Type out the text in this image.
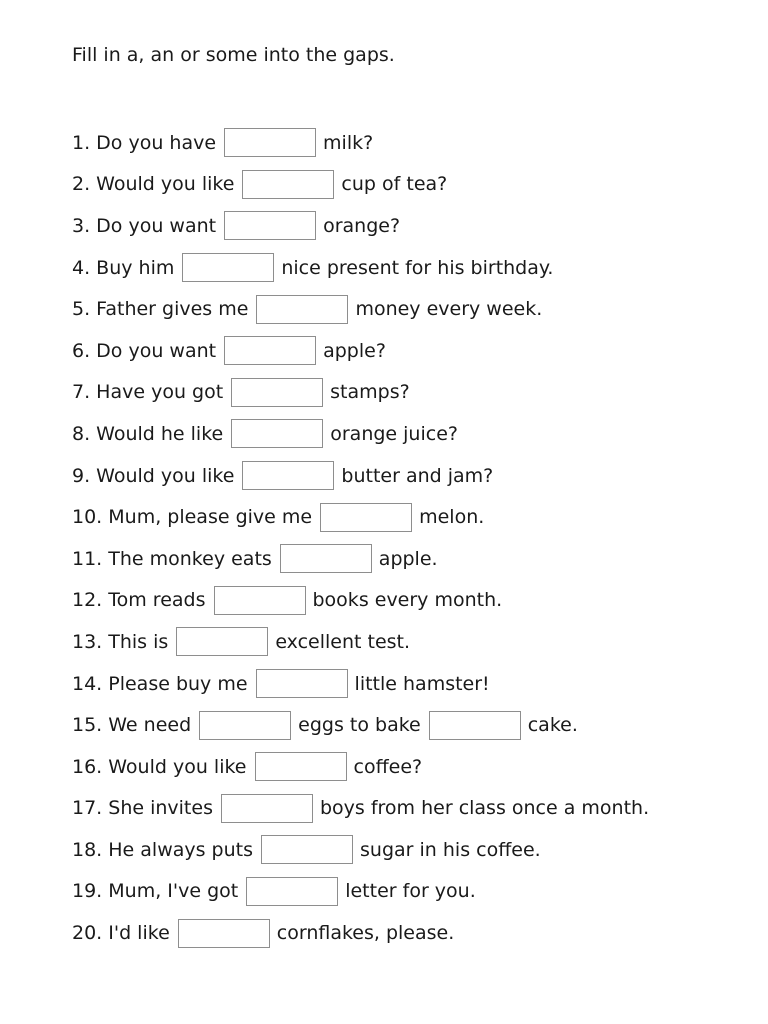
Fill in a, an or some into the gaps.

1. Do you have	milk?
2. Would you like	cup of tea?
3. Do you want	orange?
4. Buy him	nice present for his birthday.
5. Father gives me	money every week.
6. Do you want	apple?
7. Have you got	stamps?
8. Would he like	orange juice?
9. Would you like	butter and jam?
10. Mum, please give me	melon.
11. The monkey eats	apple.
12. Tom reads	books every month.
13. This is	excellent test.
14. Please buy me	little hamster!
15. We need	eggs to bake	cake.
16. Would you like	coffee?
17. She invites	boys from her class once a month.
18. He always puts	sugar in his coffee.
19. Mum, I've got	letter for you.
20. I'd like	cornflakes, please.
